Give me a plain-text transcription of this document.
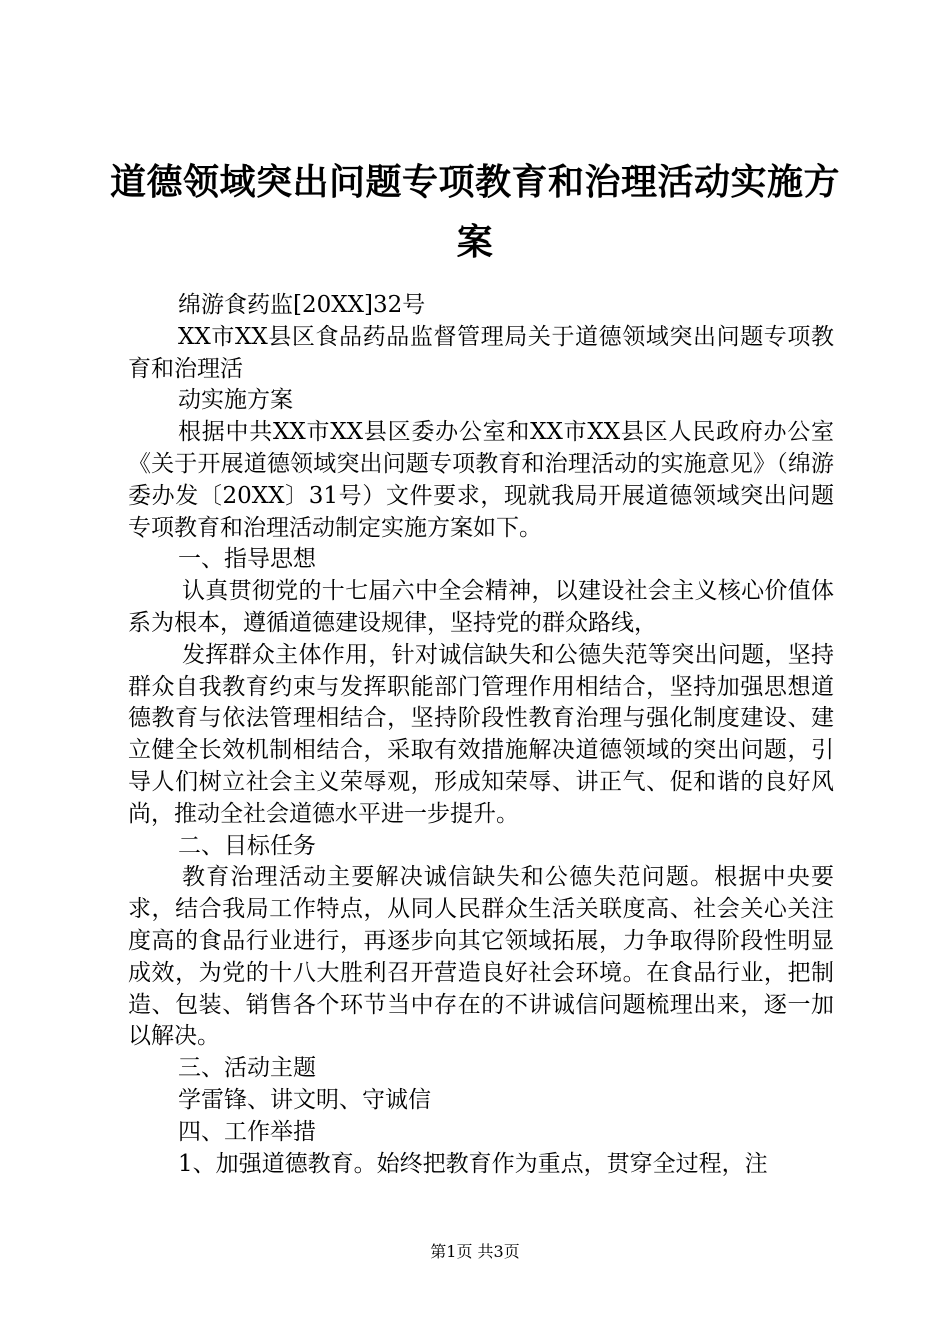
道德领域突出问题专项教育和治理活动实施方案

绵游食药监[20XX]32号

XX市XX县区食品药品监督管理局关于道德领域突出问题专项教育和治理活

动实施方案

根据中共XX市XX县区委办公室和XX市XX县区人民政府办公室《关于开展道德领域突出问题专项教育和治理活动的实施意见》（绵游委办发〔20XX〕31号）文件要求，现就我局开展道德领域突出问题专项教育和治理活动制定实施方案如下。

一、指导思想

认真贯彻党的十七届六中全会精神，以建设社会主义核心价值体系为根本，遵循道德建设规律，坚持党的群众路线，

发挥群众主体作用，针对诚信缺失和公德失范等突出问题，坚持群众自我教育约束与发挥职能部门管理作用相结合，坚持加强思想道德教育与依法管理相结合，坚持阶段性教育治理与强化制度建设、建立健全长效机制相结合，采取有效措施解决道德领域的突出问题，引导人们树立社会主义荣辱观，形成知荣辱、讲正气、促和谐的良好风尚，推动全社会道德水平进一步提升。

二、目标任务

教育治理活动主要解决诚信缺失和公德失范问题。根据中央要求，结合我局工作特点，从同人民群众生活关联度高、社会关心关注度高的食品行业进行，再逐步向其它领域拓展，力争取得阶段性明显成效，为党的十八大胜利召开营造良好社会环境。在食品行业，把制造、包装、销售各个环节当中存在的不讲诚信问题梳理出来，逐一加以解决。

三、活动主题

学雷锋、讲文明、守诚信

四、工作举措

1、加强道德教育。始终把教育作为重点，贯穿全过程，注

第1页 共3页
